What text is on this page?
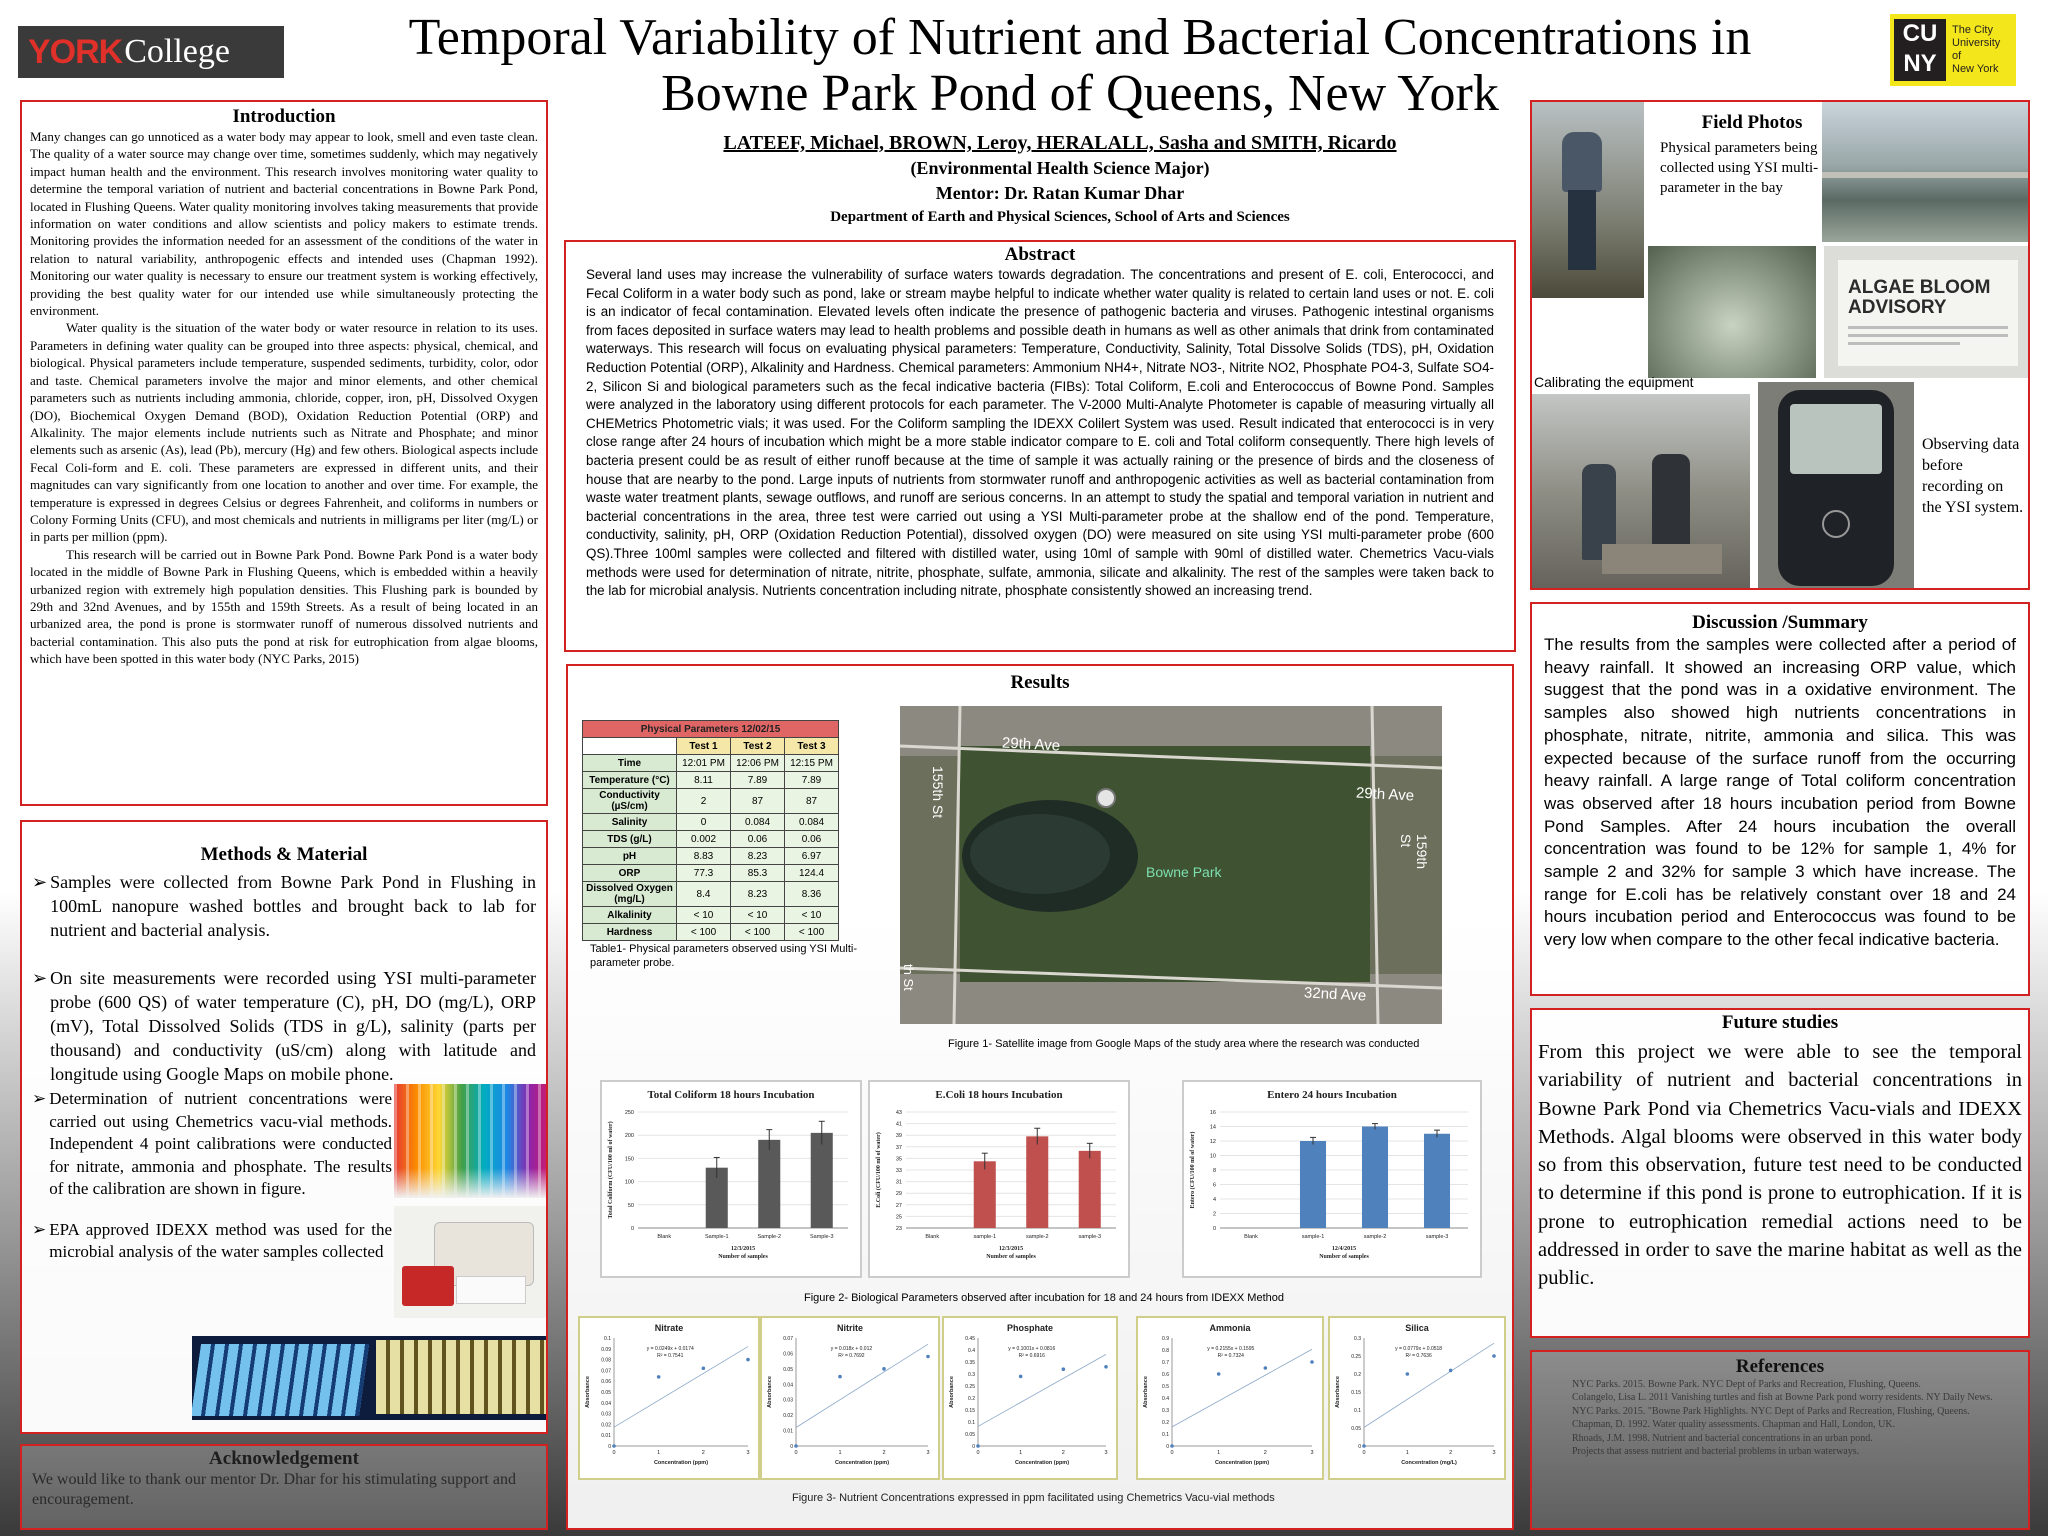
YORK College	Temporal Variability of Nutrient and Bacterial Concentrations in
Bowne Park Pond of Queens, New York
CU
NY
The City
University
of
New York
LATEEF, Michael, BROWN, Leroy, HERALALL, Sasha and SMITH, Ricardo
(Environmental Health Science Major)
Mentor: Dr. Ratan Kumar Dhar
Department of Earth and Physical Sciences, School of Arts and Sciences
Introduction

Many changes can go unnoticed as a water body may appear to look, smell and even taste clean. The quality of a water source may change over time, sometimes suddenly, which may negatively impact human health and the environment. This research involves monitoring water quality to determine the temporal variation of nutrient and bacterial concentrations in Bowne Park Pond, located in Flushing Queens. Water quality monitoring involves taking measurements that provide information on water conditions and allow scientists and policy makers to estimate trends. Monitoring provides the information needed for an assessment of the conditions of the water in relation to natural variability, anthropogenic effects and intended uses (Chapman 1992). Monitoring our water quality is necessary to ensure our treatment system is working effectively, providing the best quality water for our intended use while simultaneously protecting the environment.

Water quality is the situation of the water body or water resource in relation to its uses. Parameters in defining water quality can be grouped into three aspects: physical, chemical, and biological. Physical parameters include temperature, suspended sediments, turbidity, color, odor and taste. Chemical parameters involve the major and minor elements, and other chemical parameters such as nutrients including ammonia, chloride, copper, iron, pH, Dissolved Oxygen (DO), Biochemical Oxygen Demand (BOD), Oxidation Reduction Potential (ORP) and Alkalinity. The major elements include nutrients such as Nitrate and Phosphate; and minor elements such as arsenic (As), lead (Pb), mercury (Hg) and few others. Biological aspects include Fecal Coli-form and E. coli. These parameters are expressed in different units, and their magnitudes can vary significantly from one location to another and over time. For example, the temperature is expressed in degrees Celsius or degrees Fahrenheit, and coliforms in numbers or Colony Forming Units (CFU), and most chemicals and nutrients in milligrams per liter (mg/L) or in parts per million (ppm).

This research will be carried out in Bowne Park Pond. Bowne Park Pond is a water body located in the middle of Bowne Park in Flushing Queens, which is embedded within a heavily urbanized region with extremely high population densities. This Flushing park is bounded by 29th and 32nd Avenues, and by 155th and 159th Streets. As a result of being located in an urbanized area, the pond is prone is stormwater runoff of numerous dissolved nutrients and bacterial contamination. This also puts the pond at risk for eutrophication from algae blooms, which have been spotted in this water body (NYC Parks, 2015)

Methods & Material
➢ Samples were collected from Bowne Park Pond in Flushing in 100mL nanopure washed bottles and brought back to lab for nutrient and bacterial analysis.
➢ On site measurements were recorded using YSI multi-parameter probe (600 QS) of water temperature (C), pH, DO (mg/L), ORP (mV), Total Dissolved Solids (TDS in g/L), salinity (parts per thousand) and conductivity (uS/cm) along with latitude and longitude using Google Maps on mobile phone.
➢ Determination of nutrient concentrations were carried out using Chemetrics vacu-vial methods. Independent 4 point calibrations were conducted for nitrate, ammonia and phosphate. The results of the calibration are shown in figure.
➢ EPA approved IDEXX method was used for the microbial analysis of the water samples collected
Acknowledgement
We would like to thank our mentor Dr. Dhar for his stimulating support and encouragement.
Abstract
Several land uses may increase the vulnerability of surface waters towards degradation. The concentrations and present of E. coli, Enterococci, and Fecal Coliform in a water body such as pond, lake or stream maybe helpful to indicate whether water quality is related to certain land uses or not. E. coli is an indicator of fecal contamination. Elevated levels often indicate the presence of pathogenic bacteria and viruses. Pathogenic intestinal organisms from faces deposited in surface waters may lead to health problems and possible death in humans as well as other animals that drink from contaminated waterways. This research will focus on evaluating physical parameters: Temperature, Conductivity, Salinity, Total Dissolve Solids (TDS), pH, Oxidation Reduction Potential (ORP), Alkalinity and Hardness. Chemical parameters: Ammonium NH4+, Nitrate NO3-, Nitrite NO2, Phosphate PO4-3, Sulfate SO4-2, Silicon Si and biological parameters such as the fecal indicative bacteria (FIBs): Total Coliform, E.coli and Enterococcus of Bowne Pond. Samples were analyzed in the laboratory using different protocols for each parameter. The V-2000 Multi-Analyte Photometer is capable of measuring virtually all CHEMetrics Photometric vials; it was used. For the Coliform sampling the IDEXX Colilert System was used. Result indicated that enterococci is in very close range after 24 hours of incubation which might be a more stable indicator compare to E. coli and Total coliform consequently. There high levels of bacteria present could be as result of either runoff because at the time of sample it was actually raining or the presence of birds and the closeness of house that are nearby to the pond. Large inputs of nutrients from stormwater runoff and anthropogenic activities as well as bacterial contamination from waste water treatment plants, sewage outflows, and runoff are serious concerns. In an attempt to study the spatial and temporal variation in nutrient and bacterial concentrations in the area, three test were carried out using a YSI Multi-parameter probe at the shallow end of the pond. Temperature, conductivity, salinity, pH, ORP (Oxidation Reduction Potential), dissolved oxygen (DO) were measured on site using YSI multi-parameter probe (600 QS).Three 100ml samples were collected and filtered with distilled water, using 10ml of sample with 90ml of distilled water. Chemetrics Vacu-vials methods were used for determination of nitrate, nitrite, phosphate, sulfate, ammonia, silicate and alkalinity. The rest of the samples were taken back to the lab for microbial analysis. Nutrients concentration including nitrate, phosphate consistently showed an increasing trend.
Results
Physical Parameters 12/02/15			
	Test 1	Test 2	Test 3
Time	12:01 PM	12:06 PM	12:15 PM
Temperature (°C)	8.11	7.89	7.89
Conductivity (µS/cm)	2	87	87
Salinity	0	0.084	0.084
TDS (g/L)	0.002	0.06	0.06
pH	8.83	8.23	6.97
ORP	77.3	85.3	124.4
Dissolved Oxygen (mg/L)	8.4	8.23	8.36
Alkalinity	< 10	< 10	< 10
Hardness	< 100	< 100	< 100
Table1- Physical parameters observed using YSI Multi-parameter probe.
29th Ave
29th Ave
155th St
159th St
Bowne Park
32nd Ave
th St
Figure 1- Satellite image from Google Maps of the study area where the research was conducted
Total Coliform 18 hours Incubation
0
50
100
150
200
250
Blank	Sample-1	Sample-2	Sample-3
12/3/2015
Number of samples
Total Coliform (CFU/100 ml of water)
E.Coli 18 hours Incubation
23
25
27
29
31
33
35
37
39
41
43
Blank	sample-1	sample-2	sample-3
12/3/2015
Number of samples
E.Coli (CFU/100 ml of water)
Entero 24 hours Incubation
0
2
4
6
8
10
12
14
16
Blank	sample-1	sample-2	sample-3
12/4/2015
Number of samples
Entero (CFU/100 ml of water)
Figure 2- Biological Parameters observed after incubation for 18 and 24 hours from IDEXX Method
Nitrate
0
0.01
0.02
0.03
0.04
0.05
0.06
0.07
0.08
0.09
0.1
0	1	2	3
y = 0.0249x + 0.0174
R² = 0.7541
Concentration (ppm)
Absorbance
Nitrite
0
0.01
0.02
0.03
0.04
0.05
0.06
0.07
0	1	2	3
y = 0.018x + 0.012
R² = 0.7692
Concentration (ppm)
Absorbance
Phosphate
0
0.05
0.1
0.15
0.2
0.25
0.3
0.35
0.4
0.45
0	1	2	3
y = 0.1001x + 0.0816
R² = 0.6916
Concentration (ppm)
Absorbance
Ammonia
0
0.1
0.2
0.3
0.4
0.5
0.6
0.7
0.8
0.9
0	1	2	3
y = 0.2155x + 0.1595
R² = 0.7324
Concentration (ppm)
Absorbance
Silica
0
0.05
0.1
0.15
0.2
0.25
0.3
0	1	2	3
y = 0.0779x + 0.0518
R² = 0.7636
Concentration (mg/L)
Absorbance
Figure 3- Nutrient Concentrations expressed in ppm facilitated using Chemetrics Vacu-vial methods
Field Photos
Physical parameters being collected using YSI multi-parameter in the bay
ALGAE BLOOM
ADVISORY
Calibrating the equipment
Observing data before recording on the YSI system.
Discussion /Summary
The results from the samples were collected after a period of heavy rainfall. It showed an increasing ORP value, which suggest that the pond was in a oxidative environment. The samples also showed high nutrients concentrations in phosphate, nitrate, nitrite, ammonia and silica. This was expected because of the surface runoff from the occurring heavy rainfall. A large range of Total coliform concentration was observed after 18 hours incubation period from Bowne Pond Samples. After 24 hours incubation the overall concentration was found to be 12% for sample 1, 4% for sample 2 and 32% for sample 3 which have increase. The range for E.coli has be relatively constant over 18 and 24 hours incubation period and Enterococcus was found to be very low when compare to the other fecal indicative bacteria.
Future studies
From this project we were able to see the temporal variability of nutrient and bacterial concentrations in Bowne Park Pond via Chemetrics Vacu-vials and IDEXX Methods. Algal blooms were observed in this water body so from this observation, future test need to be conducted to determine if this pond is prone to eutrophication. If it is prone to eutrophication remedial actions need to be addressed in order to save the marine habitat as well as the public.
References
NYC Parks. 2015. Bowne Park. NYC Dept of Parks and Recreation, Flushing, Queens.
Colangelo, Lisa L. 2011 Vanishing turtles and fish at Bowne Park pond worry residents. NY Daily News.
NYC Parks. 2015. "Bowne Park Highlights. NYC Dept of Parks and Recreation, Flushing, Queens.
Chapman, D. 1992. Water quality assessments. Chapman and Hall, London, UK.
Rhoads, J.M. 1998. Nutrient and bacterial concentrations in an urban pond.
Projects that assess nutrient and bacterial problems in urban waterways.
